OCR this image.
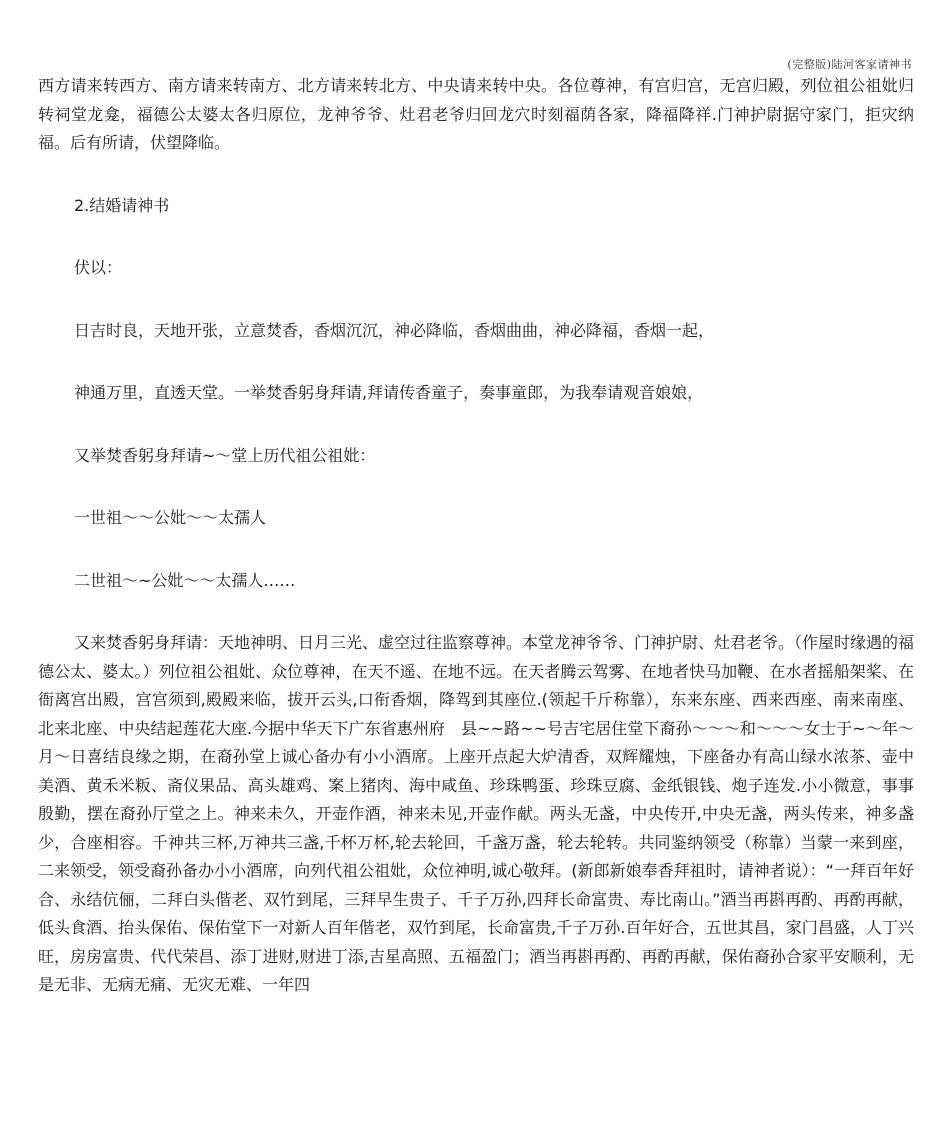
(完整版)陆河客家请神书

西方请来转西方、南方请来转南方、北方请来转北方、中央请来转中央。各位尊神，有宫归宫，无宫归殿，列位祖公祖妣归转祠堂龙龛，福德公太婆太各归原位，龙神爷爷、灶君老爷归回龙穴时刻福荫各家，降福降祥.门神护尉据守家门，拒灾纳福。后有所请，伏望降临。

2.结婚请神书

伏以：

日吉时良，天地开张，立意焚香，香烟沉沉，神必降临，香烟曲曲，神必降福，香烟一起，

神通万里，直透天堂。一举焚香躬身拜请,拜请传香童子，奏事童郎，为我奉请观音娘娘，

又举焚香躬身拜请~～堂上历代祖公祖妣：

一世祖～～公妣～～太孺人

二世祖～~公妣～～太孺人……

又来焚香躬身拜请：天地神明、日月三光、虚空过往监察尊神。本堂龙神爷爷、门神护尉、灶君老爷。（作屋时缘遇的福德公太、婆太。）列位祖公祖妣、众位尊神，在天不遥、在地不远。在天者腾云驾雾、在地者快马加鞭、在水者摇船架桨、在衙离宫出殿，宫宫须到,殿殿来临，拔开云头,口衔香烟，降驾到其座位.(领起千斤称靠），东来东座、西来西座、南来南座、北来北座、中央结起莲花大座.今据中华天下广东省惠州府　县~~路~~号吉宅居住堂下裔孙～～～和～～～女士于~～年～月～日喜结良缘之期，在裔孙堂上诚心备办有小小酒席。上座开点起大炉清香，双辉耀烛，下座备办有高山绿水浓茶、壶中美酒、黄禾米粄、斋仪果品、高头雄鸡、案上猪肉、海中咸鱼、珍珠鸭蛋、珍珠豆腐、金纸银钱、炮子连发.小小微意，事事殷勤，摆在裔孙厅堂之上。神来未久，开壶作酒，神来未见,开壶作献。两头无盏，中央传开,中央无盏，两头传来，神多盏少，合座相容。千神共三杯,万神共三盏,千杯万杯,轮去轮回，千盏万盏，轮去轮转。共同鉴纳领受（称靠）当蒙一来到座，二来领受，领受裔孙备办小小酒席，向列代祖公祖妣，众位神明,诚心敬拜。(新郎新娘奉香拜祖时，请神者说）：“一拜百年好合、永结伉俪，二拜白头偕老、双竹到尾，三拜早生贵子、千子万孙,四拜长命富贵、寿比南山。”酒当再斟再酌、再酌再献，低头食酒、抬头保佑、保佑堂下一对新人百年偕老，双竹到尾，长命富贵,千子万孙.百年好合，五世其昌，家门昌盛，人丁兴旺，房房富贵、代代荣昌、添丁进财,财进丁添,吉星高照、五福盈门；酒当再斟再酌、再酌再献，保佑裔孙合家平安顺利，无是无非、无病无痛、无灾无难、一年四
